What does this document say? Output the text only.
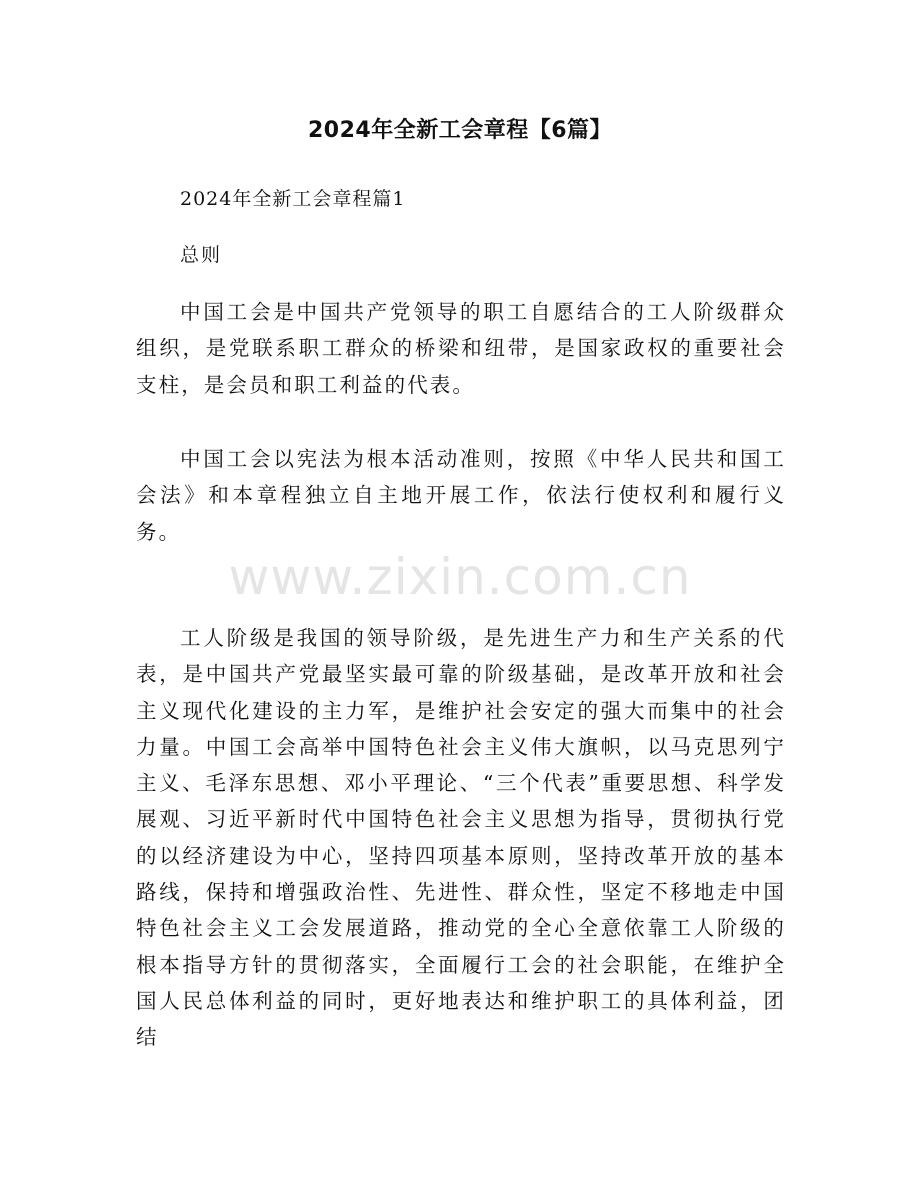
2024年全新工会章程【6篇】
2024年全新工会章程篇1
总则

中国工会是中国共产党领导的职工自愿结合的工人阶级群众组织，是党联系职工群众的桥梁和纽带，是国家政权的重要社会支柱，是会员和职工利益的代表。

中国工会以宪法为根本活动准则，按照《中华人民共和国工会法》和本章程独立自主地开展工作，依法行使权利和履行义务。

工人阶级是我国的领导阶级，是先进生产力和生产关系的代表，是中国共产党最坚实最可靠的阶级基础，是改革开放和社会主义现代化建设的主力军，是维护社会安定的强大而集中的社会力量。中国工会高举中国特色社会主义伟大旗帜，以马克思列宁主义、毛泽东思想、邓小平理论、“三个代表”重要思想、科学发展观、习近平新时代中国特色社会主义思想为指导，贯彻执行党的以经济建设为中心，坚持四项基本原则，坚持改革开放的基本路线，保持和增强政治性、先进性、群众性，坚定不移地走中国特色社会主义工会发展道路，推动党的全心全意依靠工人阶级的根本指导方针的贯彻落实，全面履行工会的社会职能，在维护全国人民总体利益的同时，更好地表达和维护职工的具体利益，团结

www.zixin.com.cn
